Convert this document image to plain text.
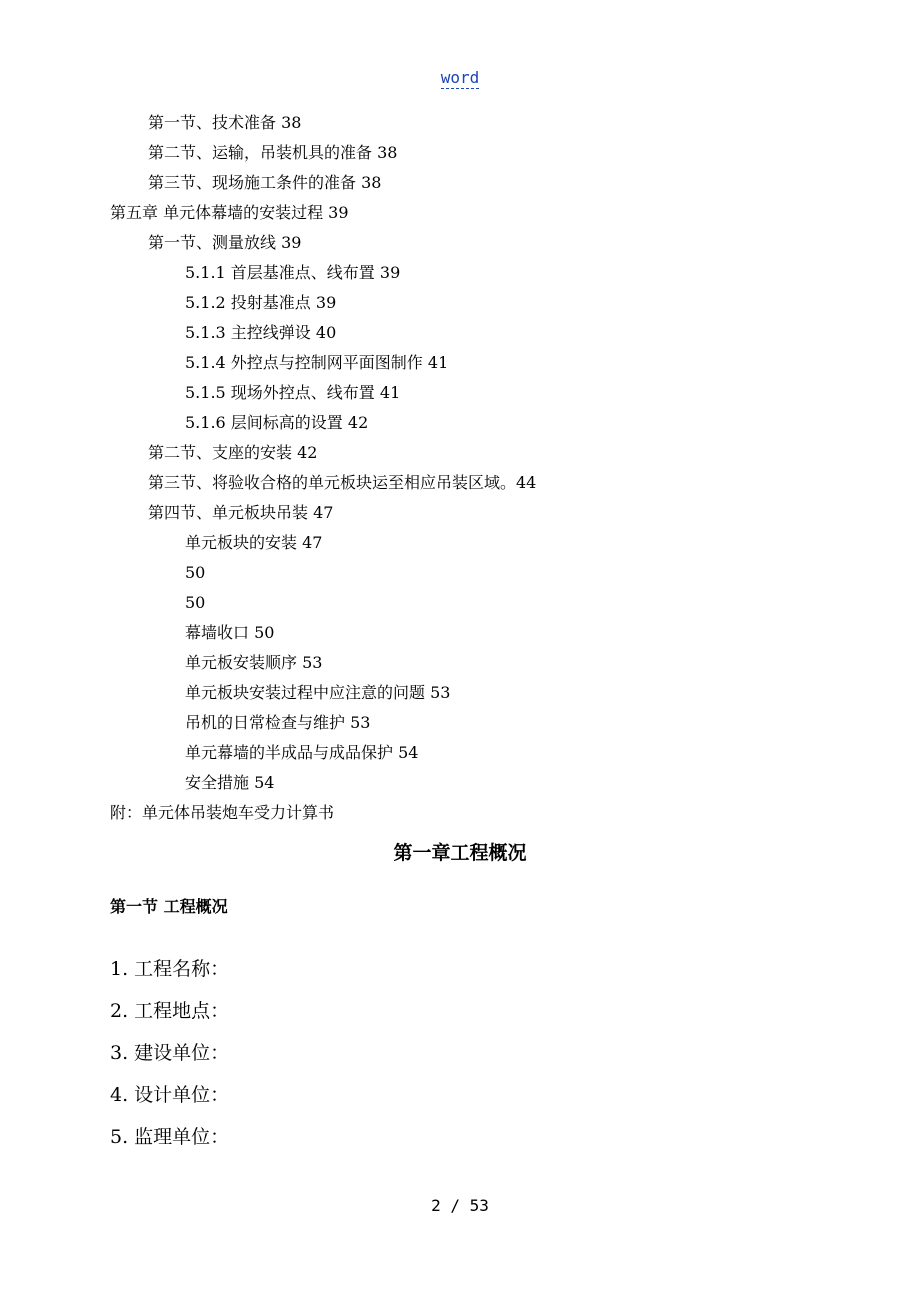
word
第一节、技术准备 38
第二节、运输，吊装机具的准备 38
第三节、现场施工条件的准备 38
第五章 单元体幕墙的安装过程 39
第一节、测量放线 39
5.1.1 首层基准点、线布置 39
5.1.2 投射基准点 39
5.1.3 主控线弹设 40
5.1.4 外控点与控制网平面图制作 41
5.1.5 现场外控点、线布置 41
5.1.6 层间标高的设置 42
第二节、支座的安装 42
第三节、将验收合格的单元板块运至相应吊装区域。44
第四节、单元板块吊装 47
单元板块的安装 47
50
50
幕墙收口 50
单元板安装顺序 53
单元板块安装过程中应注意的问题 53
吊机的日常检查与维护 53
单元幕墙的半成品与成品保护 54
安全措施 54
附：单元体吊装炮车受力计算书
第一章工程概况
第一节 工程概况
1. 工程名称：
2. 工程地点：
3. 建设单位：
4. 设计单位：
5. 监理单位：
2 / 53
